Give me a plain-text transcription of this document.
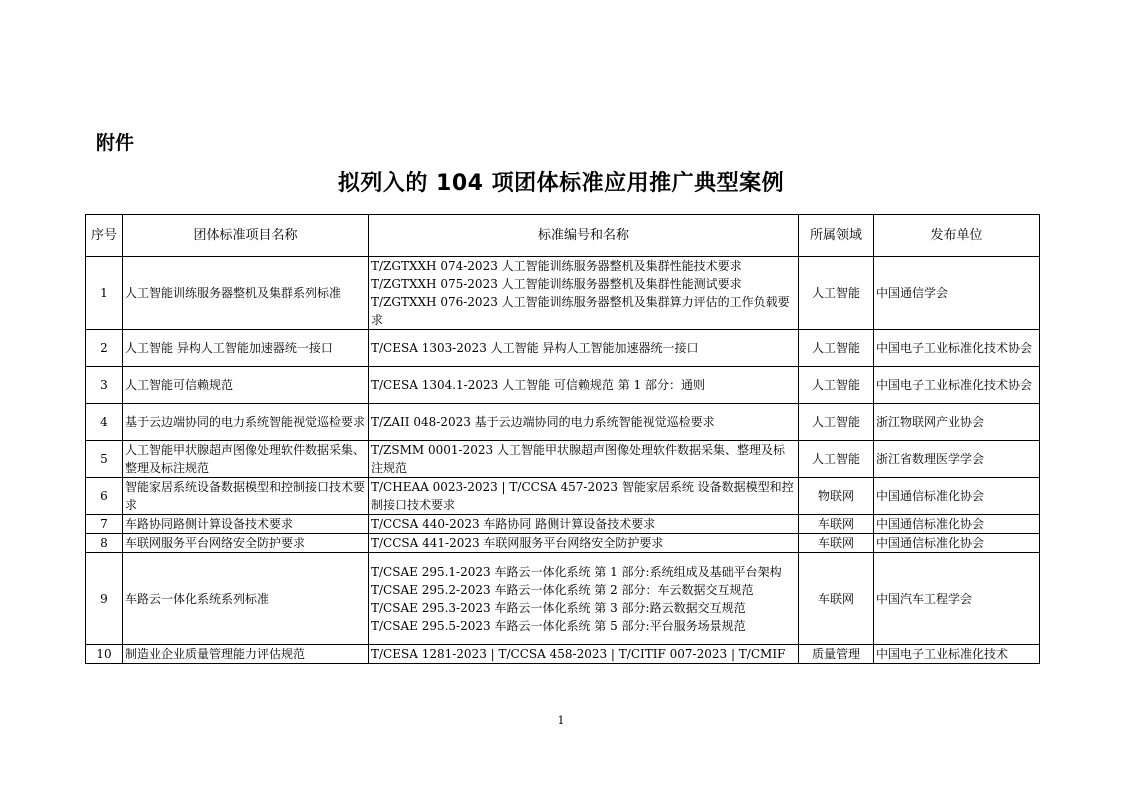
附件
拟列入的 104 项团体标准应用推广典型案例
序号	团体标准项目名称	标准编号和名称	所属领域	发布单位
1	人工智能训练服务器整机及集群系列标准	T/ZGTXXH 074-2023 人工智能训练服务器整机及集群性能技术要求
T/ZGTXXH 075-2023 人工智能训练服务器整机及集群性能测试要求
T/ZGTXXH 076-2023 人工智能训练服务器整机及集群算力评估的工作负载要求	人工智能	中国通信学会
2	人工智能 异构人工智能加速器统一接口	T/CESA 1303-2023 人工智能 异构人工智能加速器统一接口	人工智能	中国电子工业标准化技术协会
3	人工智能可信赖规范	T/CESA 1304.1-2023 人工智能 可信赖规范 第 1 部分：通则	人工智能	中国电子工业标准化技术协会
4	基于云边端协同的电力系统智能视觉巡检要求	T/ZAII 048-2023 基于云边端协同的电力系统智能视觉巡检要求	人工智能	浙江物联网产业协会
5	人工智能甲状腺超声图像处理软件数据采集、整理及标注规范	T/ZSMM 0001-2023 人工智能甲状腺超声图像处理软件数据采集、整理及标注规范	人工智能	浙江省数理医学学会
6	智能家居系统设备数据模型和控制接口技术要求	T/CHEAA 0023-2023 | T/CCSA 457-2023 智能家居系统 设备数据模型和控制接口技术要求	物联网	中国通信标准化协会
7	车路协同路侧计算设备技术要求	T/CCSA 440-2023 车路协同 路侧计算设备技术要求	车联网	中国通信标准化协会
8	车联网服务平台网络安全防护要求	T/CCSA 441-2023 车联网服务平台网络安全防护要求	车联网	中国通信标准化协会
9	车路云一体化系统系列标准	T/CSAE 295.1-2023 车路云一体化系统 第 1 部分:系统组成及基础平台架构
T/CSAE 295.2-2023 车路云一体化系统 第 2 部分：车云数据交互规范
T/CSAE 295.3-2023 车路云一体化系统 第 3 部分:路云数据交互规范
T/CSAE 295.5-2023 车路云一体化系统 第 5 部分:平台服务场景规范	车联网	中国汽车工程学会
10	制造业企业质量管理能力评估规范	T/CESA 1281-2023 | T/CCSA 458-2023 | T/CITIF 007-2023 | T/CMIF	质量管理	中国电子工业标准化技术
1
